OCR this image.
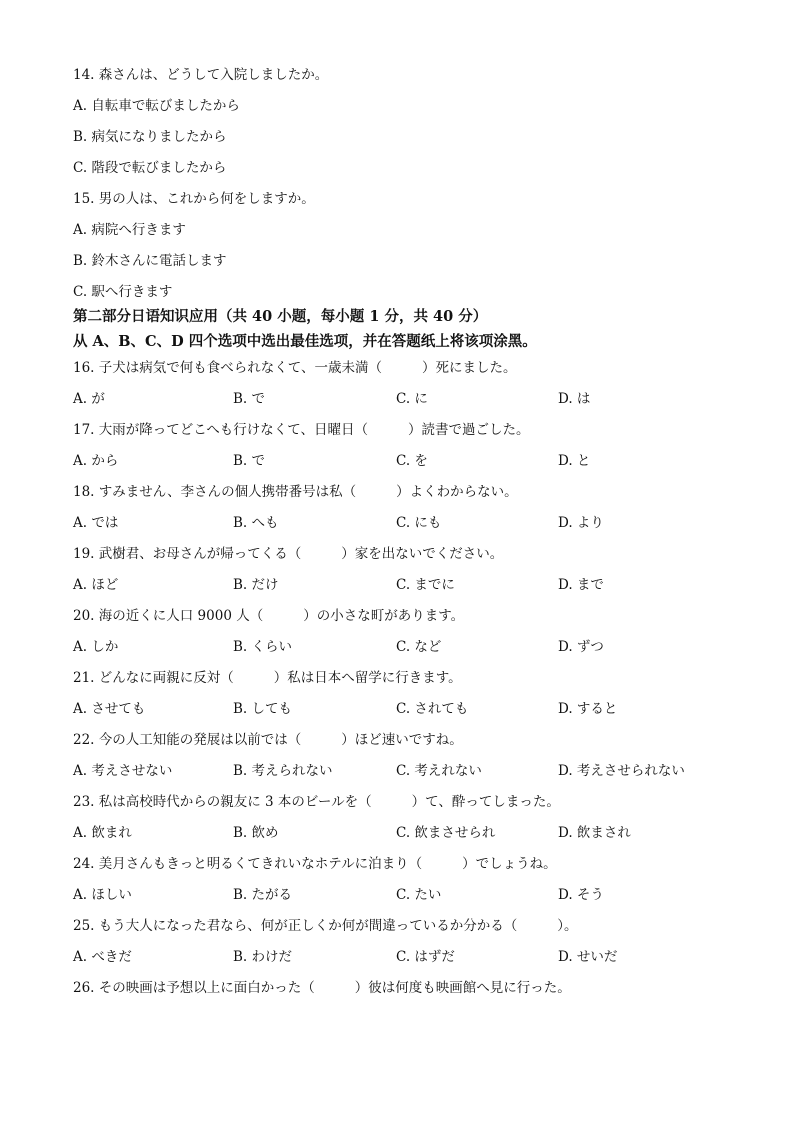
14. 森さんは、どうして入院しましたか。
A. 自転車で転びましたから
B. 病気になりましたから
C. 階段で転びましたから
15. 男の人は、これから何をしますか。
A. 病院へ行きます
B. 鈴木さんに電話します
C. 駅へ行きます
第二部分日语知识应用（共 40 小题，每小题 1 分，共 40 分）
从 A、B、C、D 四个选项中选出最佳选项，并在答题纸上将该项涂黑。
16. 子犬は病気で何も食べられなくて、一歳未満（	）死にました。
A. が	B. で	C. に	D. は
17. 大雨が降ってどこへも行けなくて、日曜日（	）読書で過ごした。
A. から	B. で	C. を	D. と
18. すみません、李さんの個人携帯番号は私（	）よくわからない。
A. では	B. へも	C. にも	D. より
19. 武樹君、お母さんが帰ってくる（	）家を出ないでください。
A. ほど	B. だけ	C. までに	D. まで
20. 海の近くに人口 9000 人（	）の小さな町があります。
A. しか	B. くらい	C. など	D. ずつ
21. どんなに両親に反対（	）私は日本へ留学に行きます。
A. させても	B. しても	C. されても	D. すると
22. 今の人工知能の発展は以前では（	）ほど速いですね。
A. 考えさせない	B. 考えられない	C. 考えれない	D. 考えさせられない
23. 私は高校時代からの親友に 3 本のビールを（	）て、酔ってしまった。
A. 飲まれ	B. 飲め	C. 飲まさせられ	D. 飲まされ
24. 美月さんもきっと明るくてきれいなホテルに泊まり（	）でしょうね。
A. ほしい	B. たがる	C. たい	D. そう
25. もう大人になった君なら、何が正しくか何が間違っているか分かる（	）。
A. べきだ	B. わけだ	C. はずだ	D. せいだ
26. その映画は予想以上に面白かった（	）彼は何度も映画館へ見に行った。
